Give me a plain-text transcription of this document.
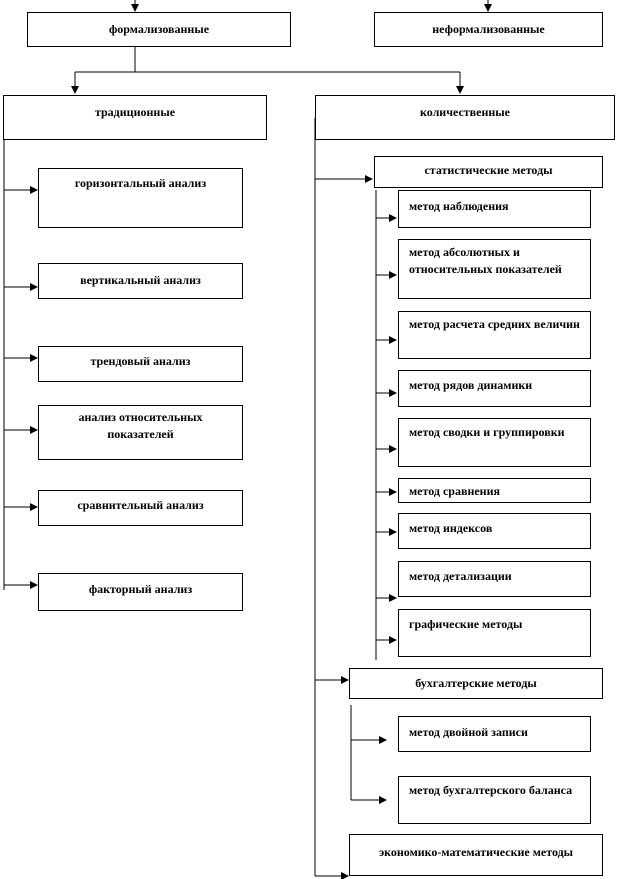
формализованные	неформализованные
традиционные	количественные
горизонтальный анализ
вертикальный анализ
трендовый анализ
анализ относительных показателей
сравнительный анализ
факторный анализ
статистические методы
бухгалтерские методы
экономико-математические методы
метод наблюдения
метод абсолютных и относительных показателей
метод расчета средних величин
метод рядов динамики
метод сводки и группировки
метод сравнения
метод индексов
метод детализации
графические методы
метод двойной записи
метод бухгалтерского баланса
